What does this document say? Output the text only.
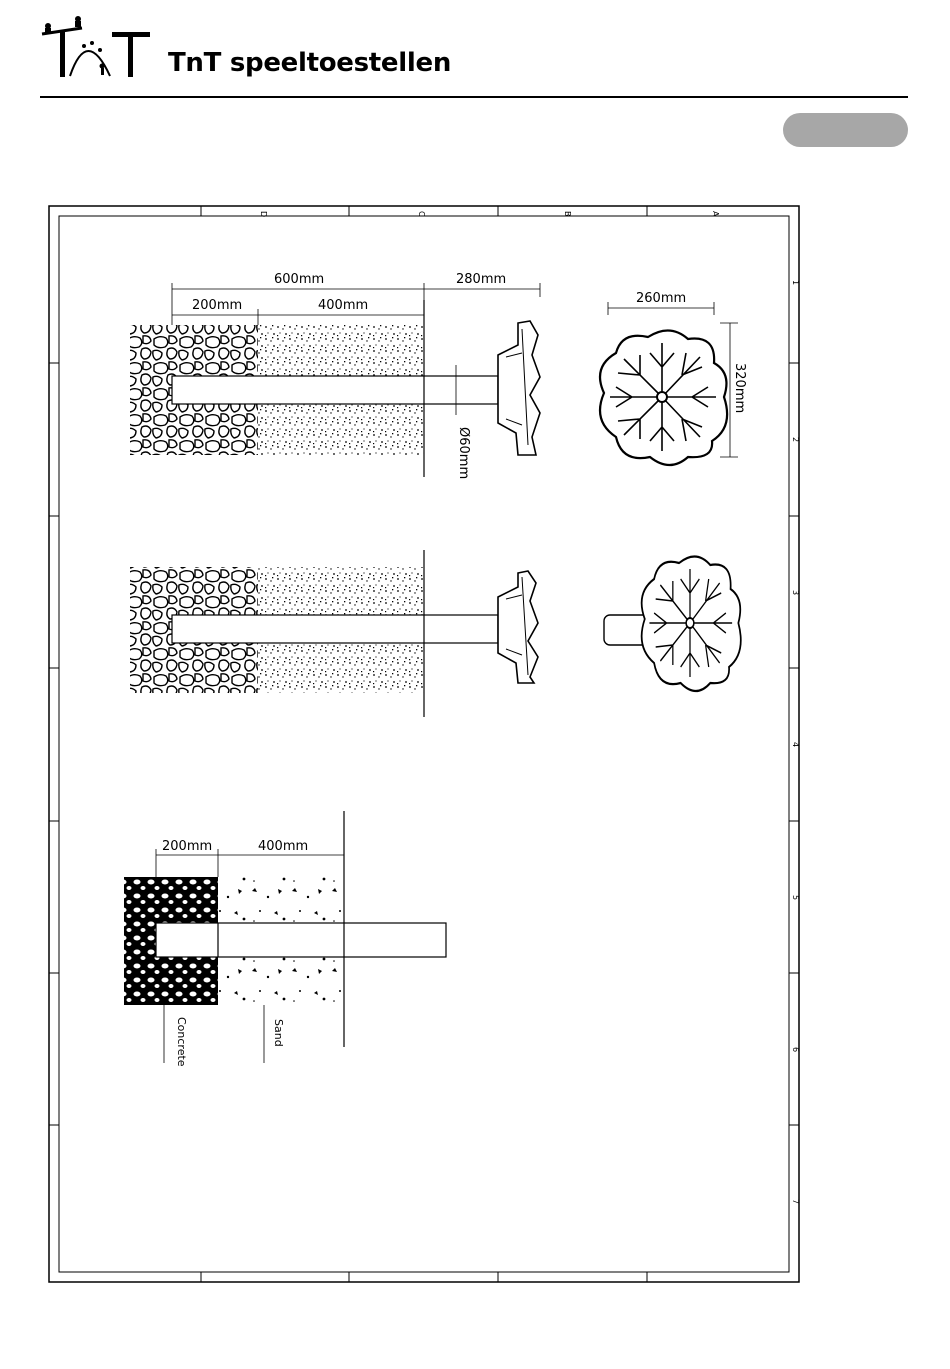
TnT speeltoestellen
D	C	B	A
1
2
3
4
5
6
7
600mm	280mm
200mm	400mm
Ø60mm
260mm
320mm
200mm	400mm
Concrete	Sand
